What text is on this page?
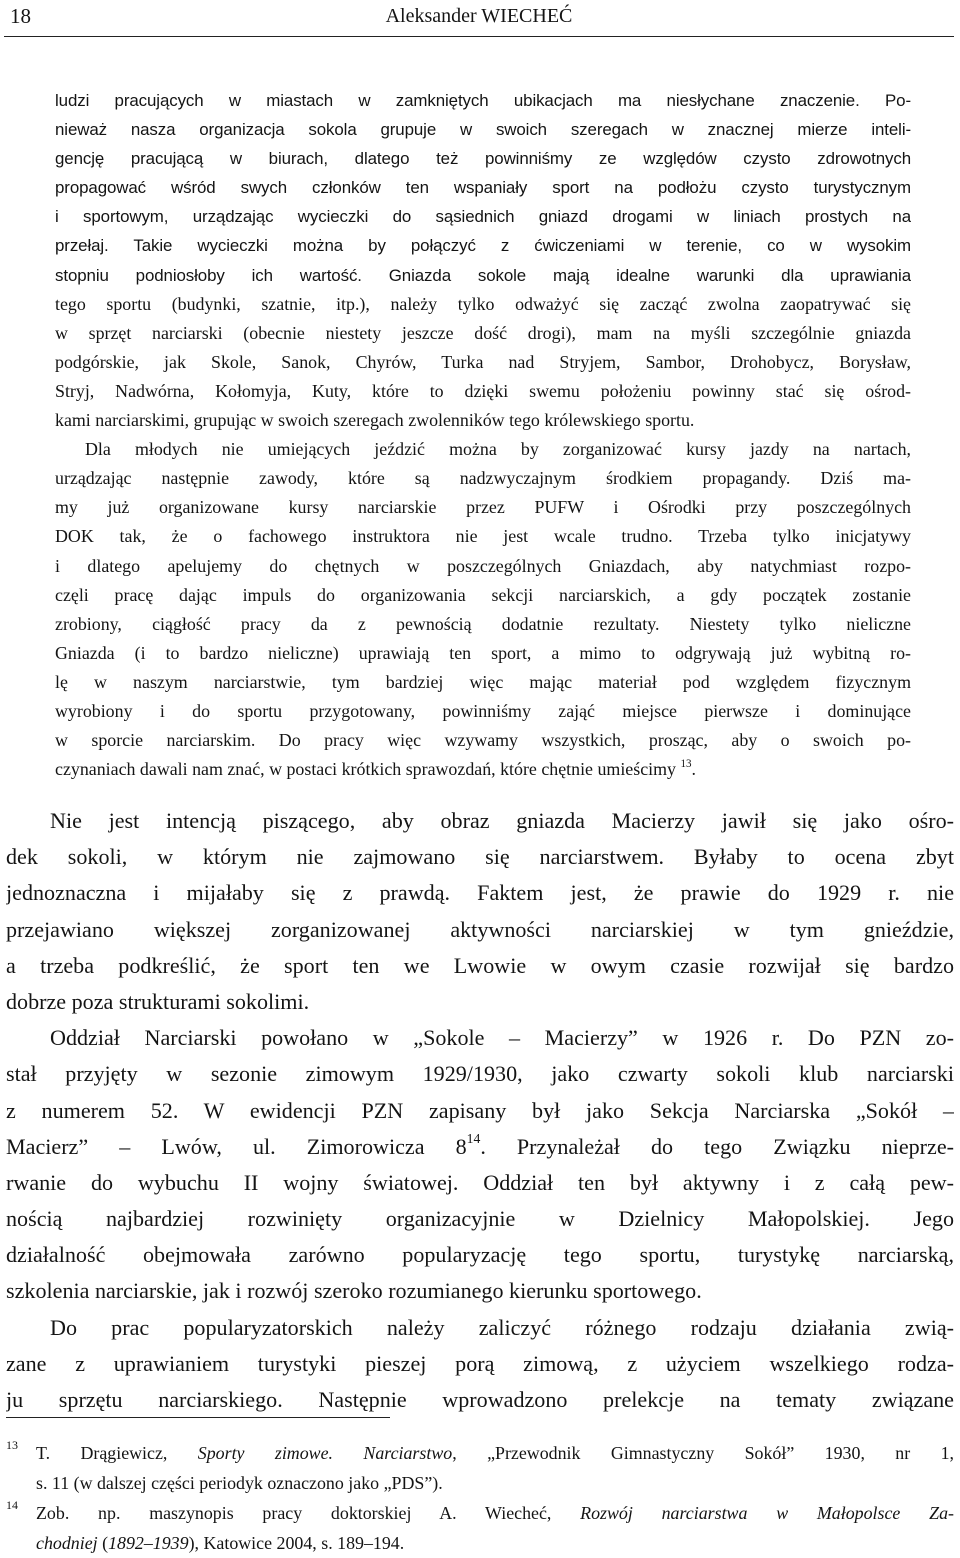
18	Aleksander WIECHEĆ
ludzi pracujących w miastach w zamkniętych ubikacjach ma niesłychane znaczenie. Po-
nieważ nasza organizacja sokola grupuje w swoich szeregach w znacznej mierze inteli-
gencję pracującą w biurach, dlatego też powinniśmy ze względów czysto zdrowotnych
propagować wśród swych członków ten wspaniały sport na podłożu czysto turystycznym
i sportowym, urządzając wycieczki do sąsiednich gniazd drogami w liniach prostych na
przełaj. Takie wycieczki można by połączyć z ćwiczeniami w terenie, co w wysokim
stopniu podniosłoby ich wartość. Gniazda sokole mają idealne warunki dla uprawiania
tego sportu (budynki, szatnie, itp.), należy tylko odważyć się zacząć zwolna zaopatrywać się
w sprzęt narciarski (obecnie niestety jeszcze dość drogi), mam na myśli szczególnie gniazda
podgórskie, jak Skole, Sanok, Chyrów, Turka nad Stryjem, Sambor, Drohobycz, Borysław,
Stryj, Nadwórna, Kołomyja, Kuty, które to dzięki swemu położeniu powinny stać się ośrod-
kami narciarskimi, grupując w swoich szeregach zwolenników tego królewskiego sportu.
Dla młodych nie umiejących jeździć można by zorganizować kursy jazdy na nartach,
urządzając następnie zawody, które są nadzwyczajnym środkiem propagandy. Dziś ma-
my już organizowane kursy narciarskie przez PUFW i Ośrodki przy poszczególnych
DOK tak, że o fachowego instruktora nie jest wcale trudno. Trzeba tylko inicjatywy
i dlatego apelujemy do chętnych w poszczególnych Gniazdach, aby natychmiast rozpo-
częli pracę dając impuls do organizowania sekcji narciarskich, a gdy początek zostanie
zrobiony, ciągłość pracy da z pewnością dodatnie rezultaty. Niestety tylko nieliczne
Gniazda (i to bardzo nieliczne) uprawiają ten sport, a mimo to odgrywają już wybitną ro-
lę w naszym narciarstwie, tym bardziej więc mając materiał pod względem fizycznym
wyrobiony i do sportu przygotowany, powinniśmy zająć miejsce pierwsze i dominujące
w sporcie narciarskim. Do pracy więc wzywamy wszystkich, prosząc, aby o swoich po-
czynaniach dawali nam znać, w postaci krótkich sprawozdań, które chętnie umieścimy $^{13}$.
Nie jest intencją piszącego, aby obraz gniazda Macierzy jawił się jako ośro-
dek sokoli, w którym nie zajmowano się narciarstwem. Byłaby to ocena zbyt
jednoznaczna i mijałaby się z prawdą. Faktem jest, że prawie do 1929 r. nie
przejawiano większej zorganizowanej aktywności narciarskiej w tym gnieździe,
a trzeba podkreślić, że sport ten we Lwowie w owym czasie rozwijał się bardzo
dobrze poza strukturami sokolimi.
Oddział Narciarski powołano w „Sokole – Macierzy” w 1926 r. Do PZN zo-
stał przyjęty w sezonie zimowym 1929/1930, jako czwarty sokoli klub narciarski
z numerem 52. W ewidencji PZN zapisany był jako Sekcja Narciarska „Sokół –
Macierz” – Lwów, ul. Zimorowicza $8^{14}$. Przynależał do tego Związku nieprze-
rwanie do wybuchu II wojny światowej. Oddział ten był aktywny i z całą pew-
nością najbardziej rozwinięty organizacyjnie w Dzielnicy Małopolskiej. Jego
działalność obejmowała zarówno popularyzację tego sportu, turystykę narciarską,
szkolenia narciarskie, jak i rozwój szeroko rozumianego kierunku sportowego.
Do prac popularyzatorskich należy zaliczyć różnego rodzaju działania zwią-
zane z uprawianiem turystyki pieszej porą zimową, z użyciem wszelkiego rodza-
ju sprzętu narciarskiego. Następnie wprowadzono prelekcje na tematy związane
13 T. Drągiewicz, Sporty zimowe. Narciarstwo, „Przewodnik Gimnastyczny Sokół” 1930, nr 1,
s. 11 (w dalszej części periodyk oznaczono jako „PDS”).
14 Zob. np. maszynopis pracy doktorskiej A. Wiecheć, Rozwój narciarstwa w Małopolsce Za-
chodniej (1892–1939), Katowice 2004, s. 189–194.
